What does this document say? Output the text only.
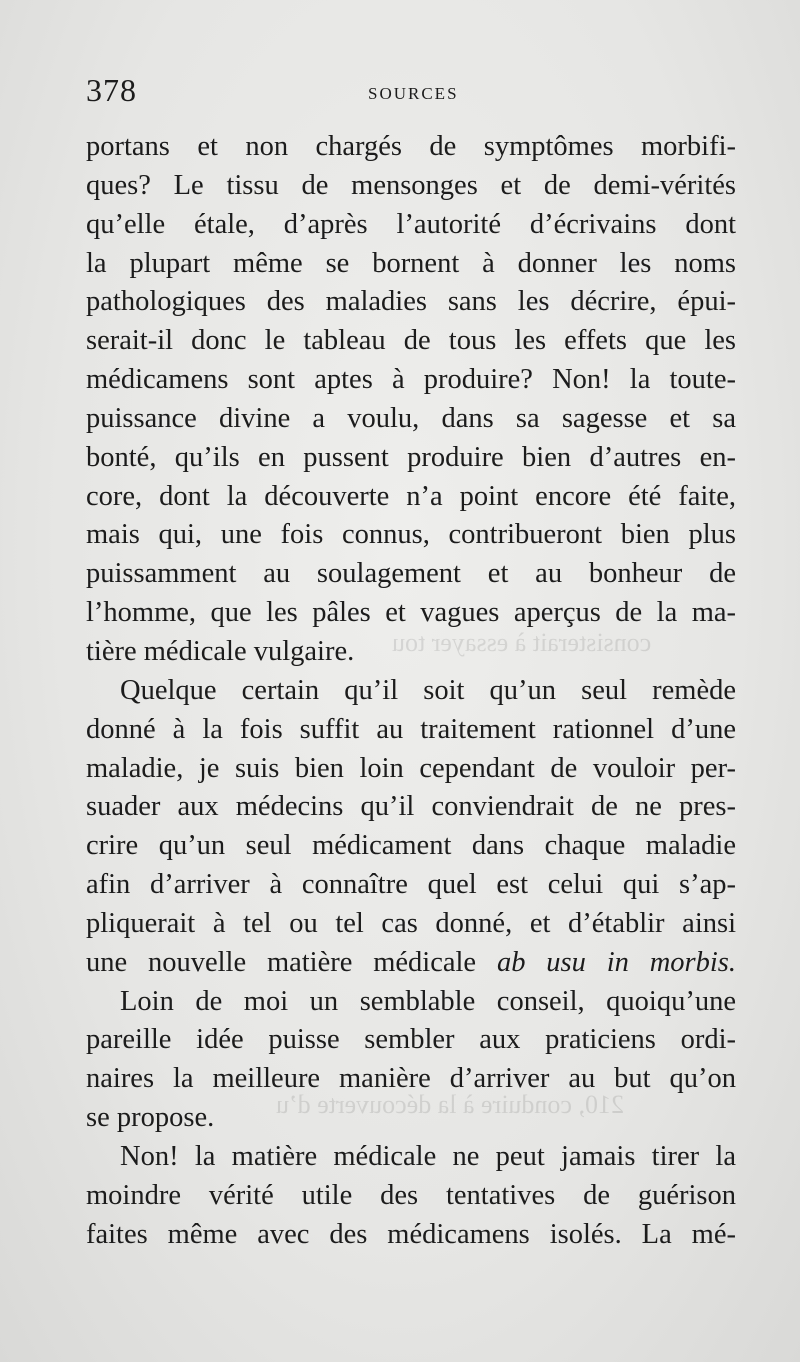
378	SOURCES
consisterait à essayer tou
210, conduire à la découverte d’u
portans et non chargés de symptômes morbifi-
ques? Le tissu de mensonges et de demi-vérités
qu’elle étale, d’après l’autorité d’écrivains dont
la plupart même se bornent à donner les noms
pathologiques des maladies sans les décrire, épui-
serait-il donc le tableau de tous les effets que les
médicamens sont aptes à produire? Non! la toute-
puissance divine a voulu, dans sa sagesse et sa
bonté, qu’ils en pussent produire bien d’autres en-
core, dont la découverte n’a point encore été faite,
mais qui, une fois connus, contribueront bien plus
puissamment au soulagement et au bonheur de
l’homme, que les pâles et vagues aperçus de la ma-
tière médicale vulgaire.
Quelque certain qu’il soit qu’un seul remède
donné à la fois suffit au traitement rationnel d’une
maladie, je suis bien loin cependant de vouloir per-
suader aux médecins qu’il conviendrait de ne pres-
crire qu’un seul médicament dans chaque maladie
afin d’arriver à connaître quel est celui qui s’ap-
pliquerait à tel ou tel cas donné, et d’établir ainsi
une nouvelle matière médicale ab usu in morbis.
Loin de moi un semblable conseil, quoiqu’une
pareille idée puisse sembler aux praticiens ordi-
naires la meilleure manière d’arriver au but qu’on
se propose.
Non! la matière médicale ne peut jamais tirer la
moindre vérité utile des tentatives de guérison
faites même avec des médicamens isolés. La mé-
